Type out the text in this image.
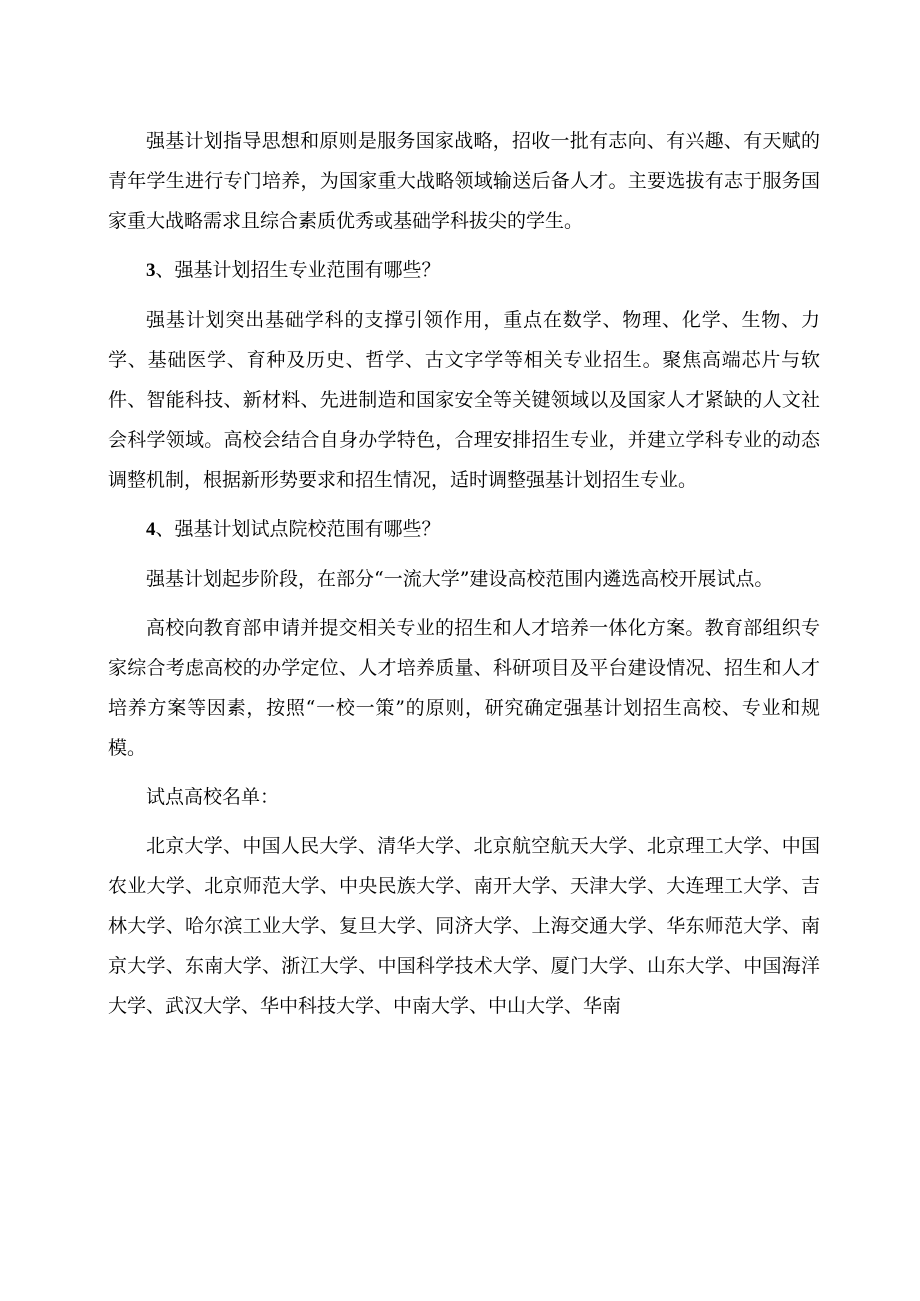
强基计划指导思想和原则是服务国家战略，招收一批有志向、有兴趣、有天赋的青年学生进行专门培养，为国家重大战略领域输送后备人才。主要选拔有志于服务国家重大战略需求且综合素质优秀或基础学科拔尖的学生。

3、强基计划招生专业范围有哪些？

强基计划突出基础学科的支撑引领作用，重点在数学、物理、化学、生物、力学、基础医学、育种及历史、哲学、古文字学等相关专业招生。聚焦高端芯片与软件、智能科技、新材料、先进制造和国家安全等关键领域以及国家人才紧缺的人文社会科学领域。高校会结合自身办学特色，合理安排招生专业，并建立学科专业的动态调整机制，根据新形势要求和招生情况，适时调整强基计划招生专业。

4、强基计划试点院校范围有哪些？

强基计划起步阶段，在部分“一流大学”建设高校范围内遴选高校开展试点。

高校向教育部申请并提交相关专业的招生和人才培养一体化方案。教育部组织专家综合考虑高校的办学定位、人才培养质量、科研项目及平台建设情况、招生和人才培养方案等因素，按照“一校一策”的原则，研究确定强基计划招生高校、专业和规模。

试点高校名单：

北京大学、中国人民大学、清华大学、北京航空航天大学、北京理工大学、中国农业大学、北京师范大学、中央民族大学、南开大学、天津大学、大连理工大学、吉林大学、哈尔滨工业大学、复旦大学、同济大学、上海交通大学、华东师范大学、南京大学、东南大学、浙江大学、中国科学技术大学、厦门大学、山东大学、中国海洋大学、武汉大学、华中科技大学、中南大学、中山大学、华南
